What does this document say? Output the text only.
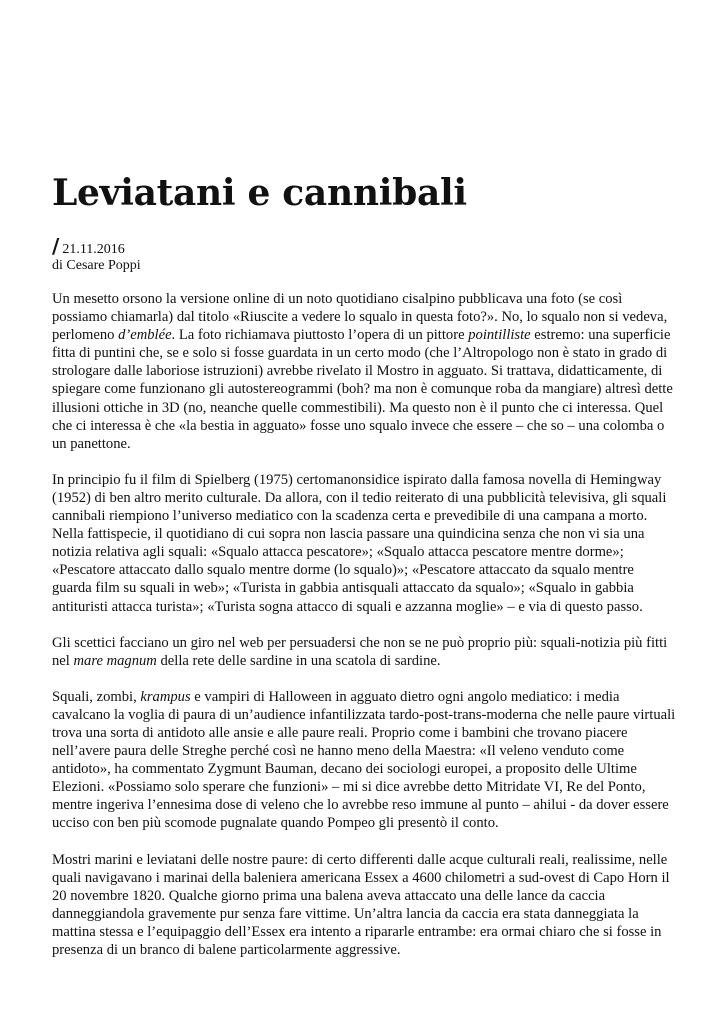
Leviatani e cannibali
/ 21.11.2016
di Cesare Poppi

Un mesetto orsono la versione online di un noto quotidiano cisalpino pubblicava una foto (se così possiamo chiamarla) dal titolo «Riuscite a vedere lo squalo in questa foto?». No, lo squalo non si vedeva, perlomeno d’emblée. La foto richiamava piuttosto l’opera di un pittore pointilliste estremo: una superficie fitta di puntini che, se e solo si fosse guardata in un certo modo (che l’Altropologo non è stato in grado di strologare dalle laboriose istruzioni) avrebbe rivelato il Mostro in agguato. Si trattava, didatticamente, di spiegare come funzionano gli autostereogrammi (boh? ma non è comunque roba da mangiare) altresì dette illusioni ottiche in 3D (no, neanche quelle commestibili). Ma questo non è il punto che ci interessa. Quel che ci interessa è che «la bestia in agguato» fosse uno squalo invece che essere – che so – una colomba o un panettone.

In principio fu il film di Spielberg (1975) certomanonsidice ispirato dalla famosa novella di Hemingway (1952) di ben altro merito culturale. Da allora, con il tedio reiterato di una pubblicità televisiva, gli squali cannibali riempiono l’universo mediatico con la scadenza certa e prevedibile di una campana a morto. Nella fattispecie, il quotidiano di cui sopra non lascia passare una quindicina senza che non vi sia una notizia relativa agli squali: «Squalo attacca pescatore»; «Squalo attacca pescatore mentre dorme»; «Pescatore attaccato dallo squalo mentre dorme (lo squalo)»; «Pescatore attaccato da squalo mentre guarda film su squali in web»; «Turista in gabbia antisquali attaccato da squalo»; «Squalo in gabbia antituristi attacca turista»; «Turista sogna attacco di squali e azzanna moglie» – e via di questo passo.

Gli scettici facciano un giro nel web per persuadersi che non se ne può proprio più: squali-notizia più fitti nel mare magnum della rete delle sardine in una scatola di sardine.

Squali, zombi, krampus e vampiri di Halloween in agguato dietro ogni angolo mediatico: i media cavalcano la voglia di paura di un’audience infantilizzata tardo-post-trans-moderna che nelle paure virtuali trova una sorta di antidoto alle ansie e alle paure reali. Proprio come i bambini che trovano piacere nell’avere paura delle Streghe perché così ne hanno meno della Maestra: «Il veleno venduto come antidoto», ha commentato Zygmunt Bauman, decano dei sociologi europei, a proposito delle Ultime Elezioni. «Possiamo solo sperare che funzioni» – mi si dice avrebbe detto Mitridate VI, Re del Ponto, mentre ingeriva l’ennesima dose di veleno che lo avrebbe reso immune al punto – ahilui - da dover essere ucciso con ben più scomode pugnalate quando Pompeo gli presentò il conto.

Mostri marini e leviatani delle nostre paure: di certo differenti dalle acque culturali reali, realissime, nelle quali navigavano i marinai della baleniera americana Essex a 4600 chilometri a sud-ovest di Capo Horn il 20 novembre 1820. Qualche giorno prima una balena aveva attaccato una delle lance da caccia danneggiandola gravemente pur senza fare vittime. Un’altra lancia da caccia era stata danneggiata la mattina stessa e l’equipaggio dell’Essex era intento a ripararle entrambe: era ormai chiaro che si fosse in presenza di un branco di balene particolarmente aggressive.
